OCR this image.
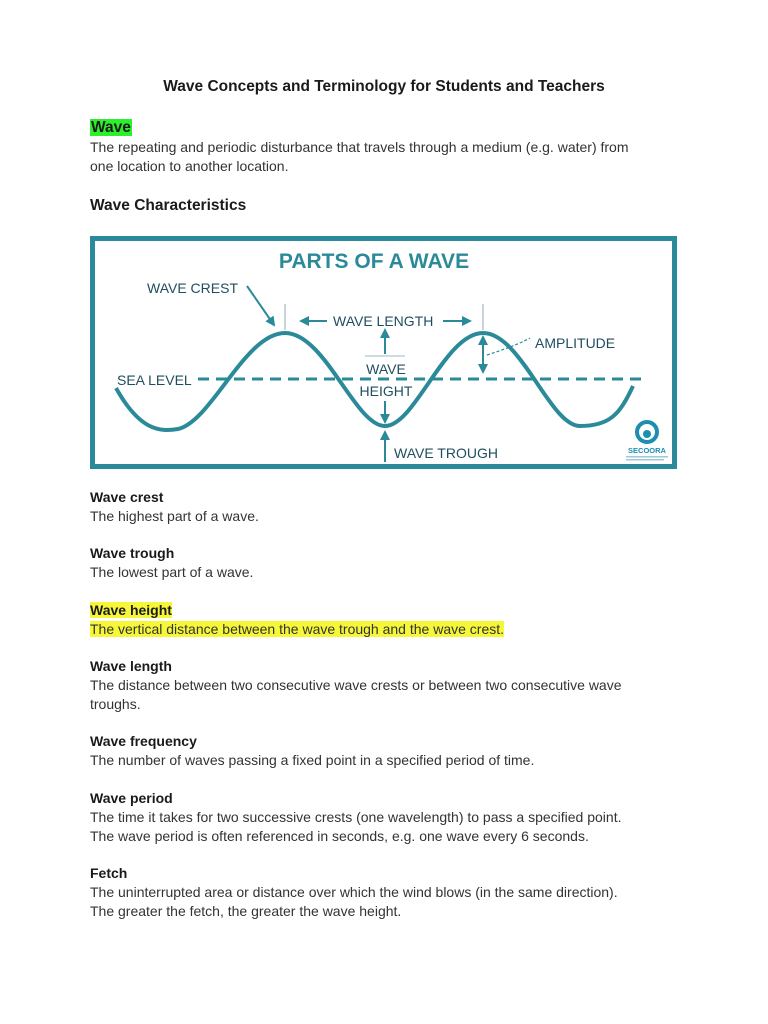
Wave Concepts and Terminology for Students and Teachers
Wave
The repeating and periodic disturbance that travels through a medium (e.g. water) from
one location to another location.
Wave Characteristics
PARTS OF A WAVE
WAVE CREST
WAVE LENGTH
WAVE
HEIGHT
AMPLITUDE
SEA LEVEL
WAVE TROUGH	SECOORA
Wave crest
The highest part of a wave.
Wave trough
The lowest part of a wave.
Wave height
The vertical distance between the wave trough and the wave crest.
Wave length
The distance between two consecutive wave crests or between two consecutive wave
troughs.
Wave frequency
The number of waves passing a fixed point in a specified period of time.
Wave period
The time it takes for two successive crests (one wavelength) to pass a specified point.
The wave period is often referenced in seconds, e.g. one wave every 6 seconds.
Fetch
The uninterrupted area or distance over which the wind blows (in the same direction).
The greater the fetch, the greater the wave height.
